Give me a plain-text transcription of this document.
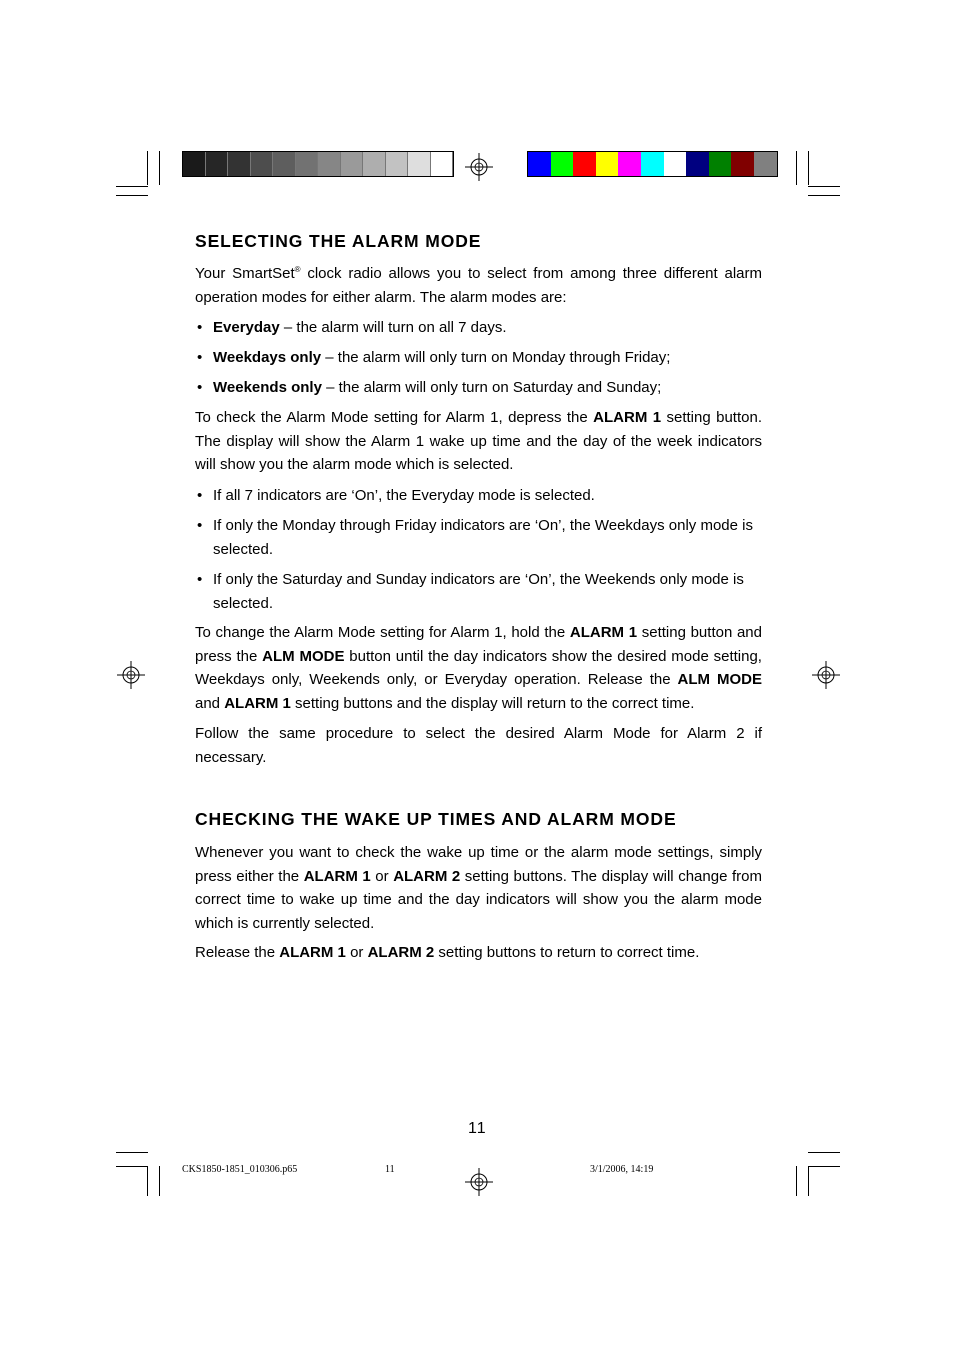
SELECTING THE ALARM MODE

Your SmartSet® clock radio allows you to select from among three different alarm operation modes for either alarm. The alarm modes are:

• Everyday – the alarm will turn on all 7 days.
• Weekdays only – the alarm will only turn on Monday through Friday;
• Weekends only – the alarm will only turn on Saturday and Sunday;

To check the Alarm Mode setting for Alarm 1, depress the ALARM 1 setting button. The display will show the Alarm 1 wake up time and the day of the week indicators will show you the alarm mode which is selected.

• If all 7 indicators are ‘On’, the Everyday mode is selected.
• If only the Monday through Friday indicators are ‘On’, the Weekdays only mode is selected.
• If only the Saturday and Sunday indicators are ‘On’, the Weekends only mode is selected.

To change the Alarm Mode setting for Alarm 1, hold the ALARM 1 setting button and press the ALM MODE button until the day indicators show the desired mode setting, Weekdays only, Weekends only, or Everyday operation. Release the ALM MODE and ALARM 1 setting buttons and the display will return to the correct time.

Follow the same procedure to select the desired Alarm Mode for Alarm 2 if necessary.

CHECKING THE WAKE UP TIMES AND ALARM MODE

Whenever you want to check the wake up time or the alarm mode settings, simply press either the ALARM 1 or ALARM 2 setting buttons. The display will change from correct time to wake up time and the day indicators will show you the alarm mode which is currently selected.

Release the ALARM 1 or ALARM 2 setting buttons to return to correct time.

11
CKS1850-1851_010306.p65	11	3/1/2006, 14:19
